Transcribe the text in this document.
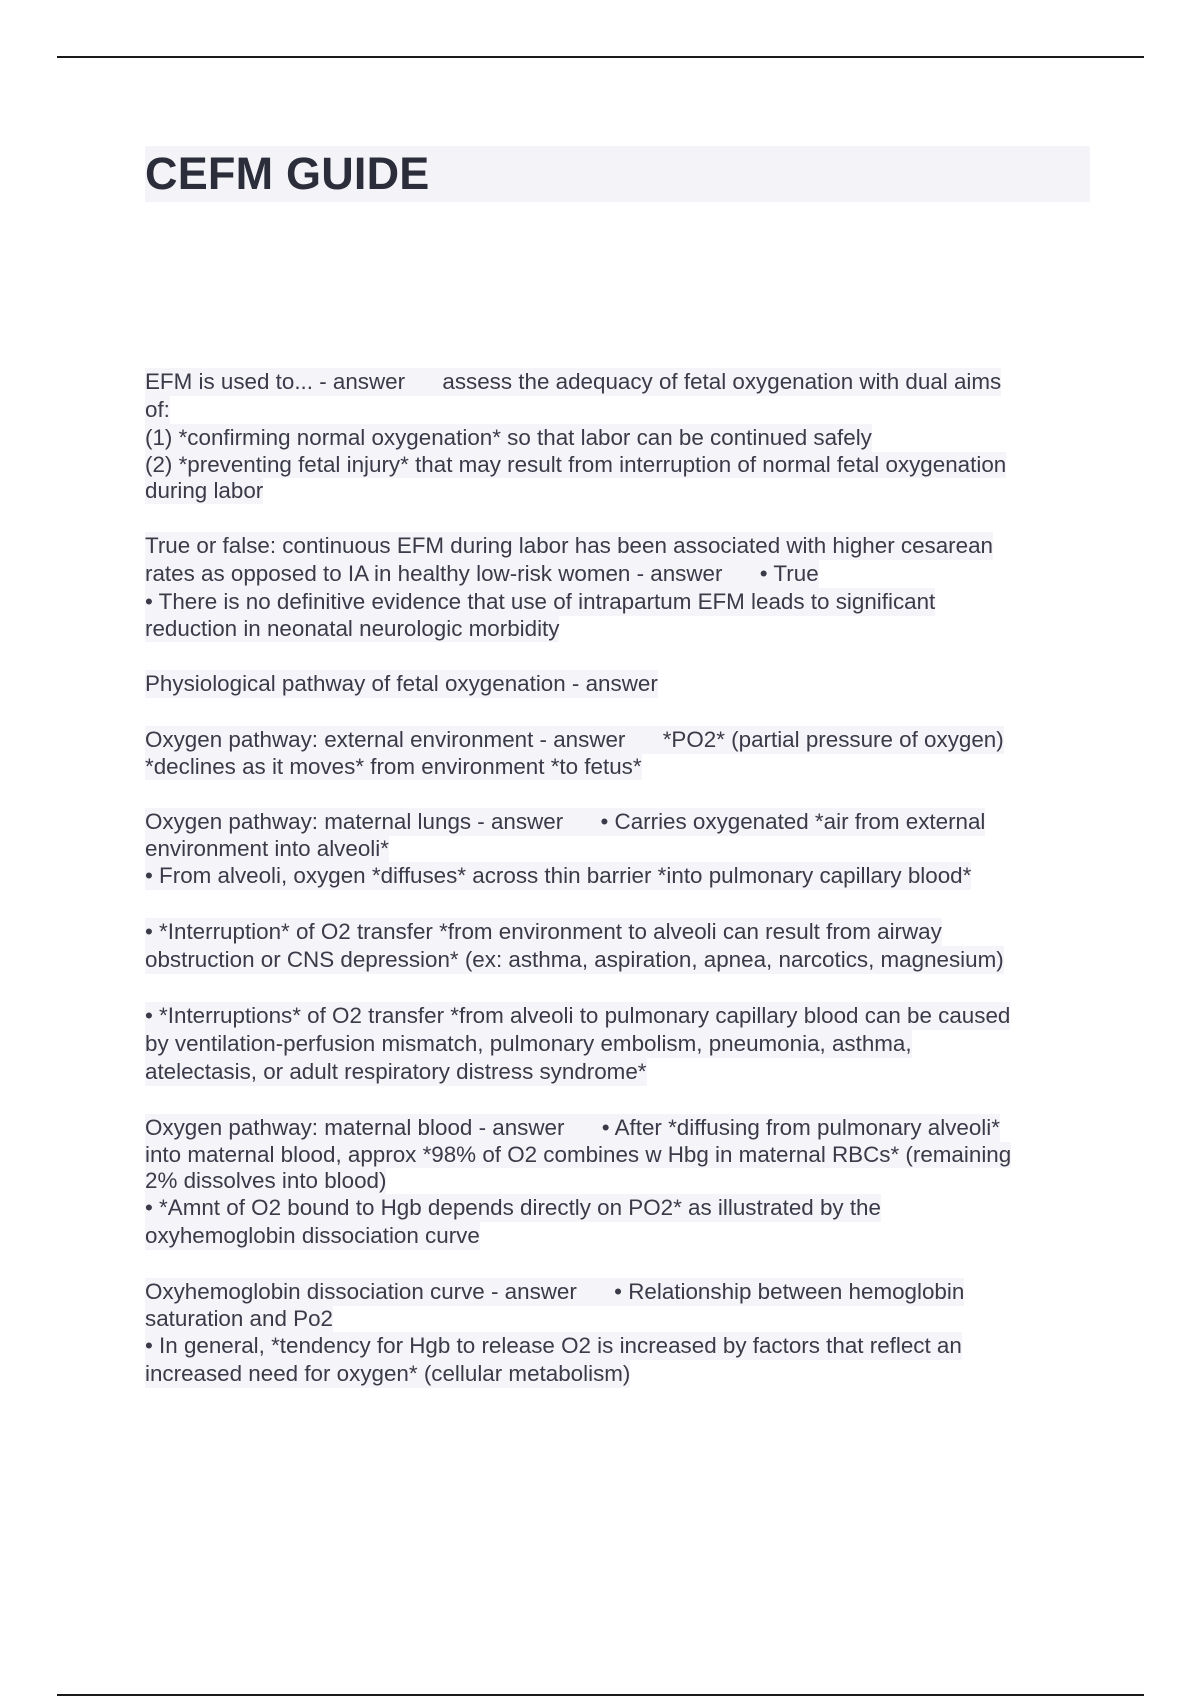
CEFM GUIDE
EFM is used to... - answer      assess the adequacy of fetal oxygenation with dual aims
of:
(1) *confirming normal oxygenation* so that labor can be continued safely
(2) *preventing fetal injury* that may result from interruption of normal fetal oxygenation
during labor
True or false: continuous EFM during labor has been associated with higher cesarean
rates as opposed to IA in healthy low-risk women - answer      • True
• There is no definitive evidence that use of intrapartum EFM leads to significant
reduction in neonatal neurologic morbidity
Physiological pathway of fetal oxygenation - answer
Oxygen pathway: external environment - answer      *PO2* (partial pressure of oxygen)
*declines as it moves* from environment *to fetus*
Oxygen pathway: maternal lungs - answer      • Carries oxygenated *air from external
environment into alveoli*
• From alveoli, oxygen *diffuses* across thin barrier *into pulmonary capillary blood*
• *Interruption* of O2 transfer *from environment to alveoli can result from airway
obstruction or CNS depression* (ex: asthma, aspiration, apnea, narcotics, magnesium)
• *Interruptions* of O2 transfer *from alveoli to pulmonary capillary blood can be caused
by ventilation-perfusion mismatch, pulmonary embolism, pneumonia, asthma,
atelectasis, or adult respiratory distress syndrome*
Oxygen pathway: maternal blood - answer      • After *diffusing from pulmonary alveoli*
into maternal blood, approx *98% of O2 combines w Hbg in maternal RBCs* (remaining
2% dissolves into blood)
• *Amnt of O2 bound to Hgb depends directly on PO2* as illustrated by the
oxyhemoglobin dissociation curve
Oxyhemoglobin dissociation curve - answer      • Relationship between hemoglobin
saturation and Po2
• In general, *tendency for Hgb to release O2 is increased by factors that reflect an
increased need for oxygen* (cellular metabolism)
